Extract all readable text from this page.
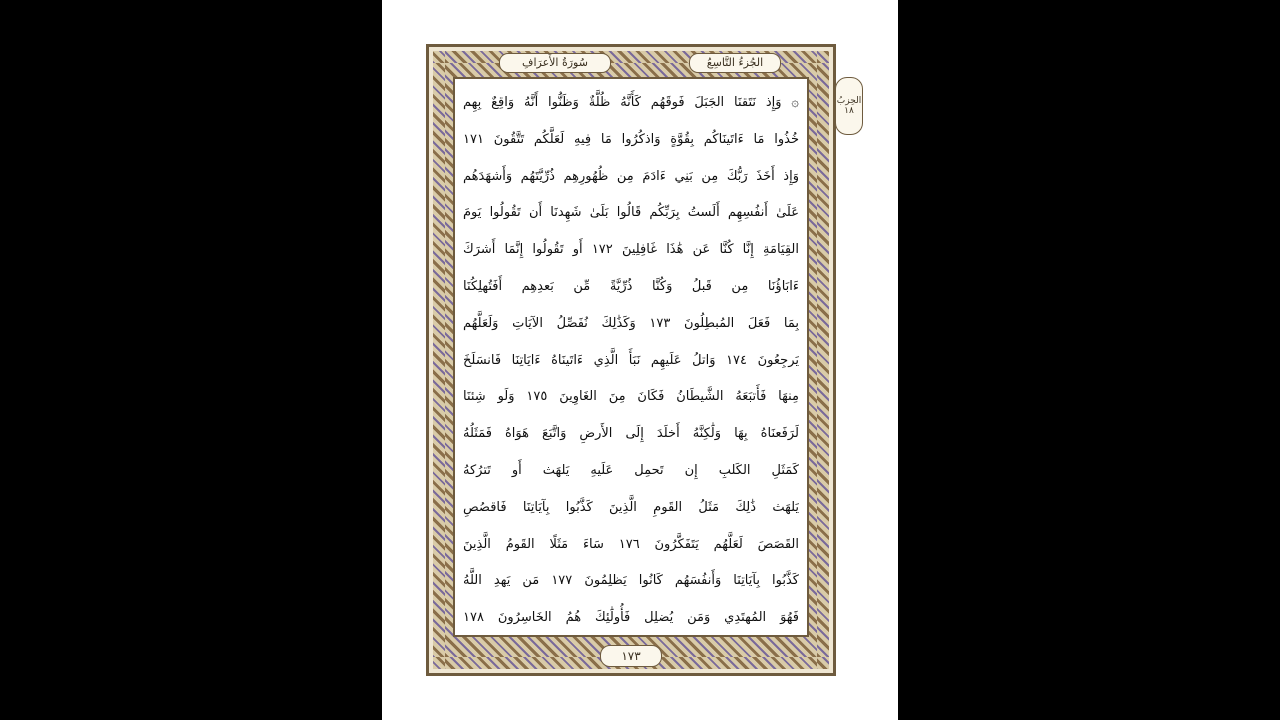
الجُزءُ التَّاسِعُ
سُورَةُ الأَعرَافِ
الحِزبُ
١٨
۞ وَإِذ نَتَقنَا الجَبَلَ فَوقَهُم كَأَنَّهُ ظُلَّةٌ وَظَنُّوا أَنَّهُ وَاقِعٌ بِهِم
خُذُوا مَا ءَاتَينَاكُم بِقُوَّةٍ وَاذكُرُوا مَا فِيهِ لَعَلَّكُم تَتَّقُونَ ١٧١
وَإِذ أَخَذَ رَبُّكَ مِن بَنِي ءَادَمَ مِن ظُهُورِهِم ذُرِّيَّتَهُم وَأَشهَدَهُم
عَلَىٰ أَنفُسِهِم أَلَستُ بِرَبِّكُم قَالُوا بَلَىٰ شَهِدنَا أَن تَقُولُوا يَومَ
القِيَامَةِ إِنَّا كُنَّا عَن هَٰذَا غَافِلِينَ ١٧٢ أَو تَقُولُوا إِنَّمَا أَشرَكَ
ءَابَاؤُنَا مِن قَبلُ وَكُنَّا ذُرِّيَّةً مِّن بَعدِهِم أَفَتُهلِكُنَا
بِمَا فَعَلَ المُبطِلُونَ ١٧٣ وَكَذَٰلِكَ نُفَصِّلُ الآيَاتِ وَلَعَلَّهُم
يَرجِعُونَ ١٧٤ وَاتلُ عَلَيهِم نَبَأَ الَّذِي ءَاتَينَاهُ ءَايَاتِنَا فَانسَلَخَ
مِنهَا فَأَتبَعَهُ الشَّيطَانُ فَكَانَ مِنَ الغَاوِينَ ١٧٥ وَلَو شِئنَا
لَرَفَعنَاهُ بِهَا وَلَٰكِنَّهُ أَخلَدَ إِلَى الأَرضِ وَاتَّبَعَ هَوَاهُ فَمَثَلُهُ
كَمَثَلِ الكَلبِ إِن تَحمِل عَلَيهِ يَلهَث أَو تَترُكهُ
يَلهَث ذَٰلِكَ مَثَلُ القَومِ الَّذِينَ كَذَّبُوا بِآيَاتِنَا فَاقصُصِ
القَصَصَ لَعَلَّهُم يَتَفَكَّرُونَ ١٧٦ سَاءَ مَثَلًا القَومُ الَّذِينَ
كَذَّبُوا بِآيَاتِنَا وَأَنفُسَهُم كَانُوا يَظلِمُونَ ١٧٧ مَن يَهدِ اللَّهُ
فَهُوَ المُهتَدِي وَمَن يُضلِل فَأُولَٰئِكَ هُمُ الخَاسِرُونَ ١٧٨
١٧٣
